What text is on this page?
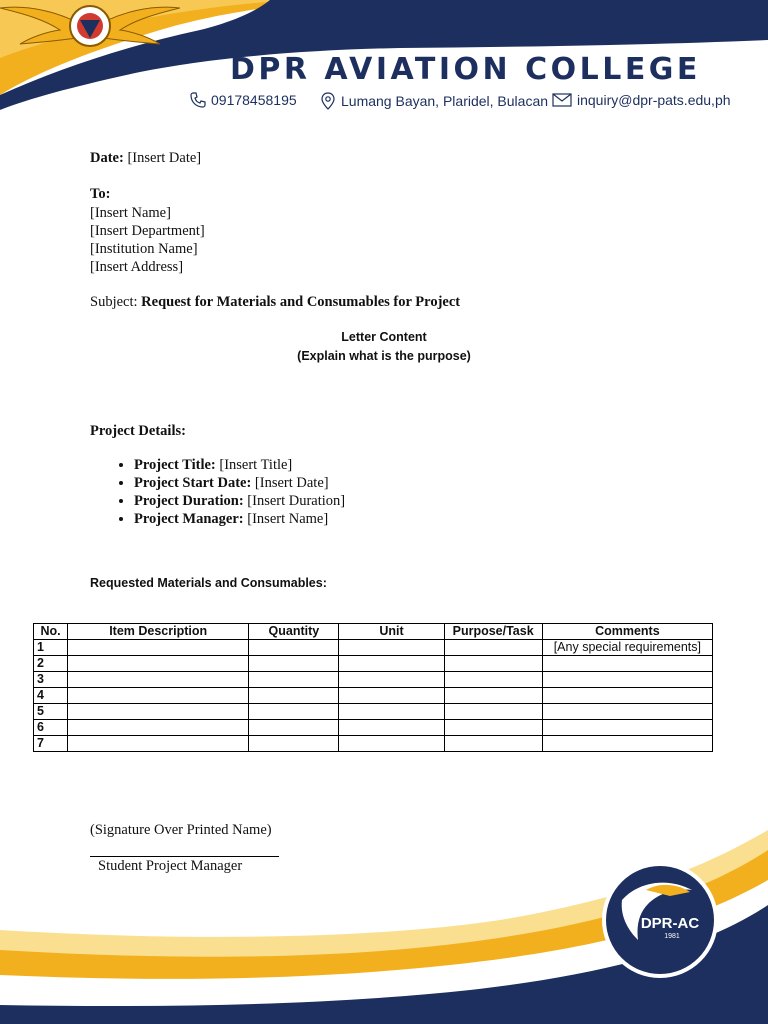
DPR AVIATION COLLEGE
09178458195	Lumang Bayan, Plaridel, Bulacan inquiry@dpr-pats.edu,ph
Date: [Insert Date]
To:
[Insert Name]
[Insert Department]
[Institution Name]
[Insert Address]
Subject: Request for Materials and Consumables for Project
Letter Content
(Explain what is the purpose)
Project Details:
• Project Title: [Insert Title]
• Project Start Date: [Insert Date]
• Project Duration: [Insert Duration]
• Project Manager: [Insert Name]
Requested Materials and Consumables:
No.	Item Description	Quantity	Unit	Purpose/Task	Comments
1					[Any special requirements]
2					
3					
4					
5					
6					
7					
DPR-AC
1981
(Signature Over Printed Name)
Student Project Manager
